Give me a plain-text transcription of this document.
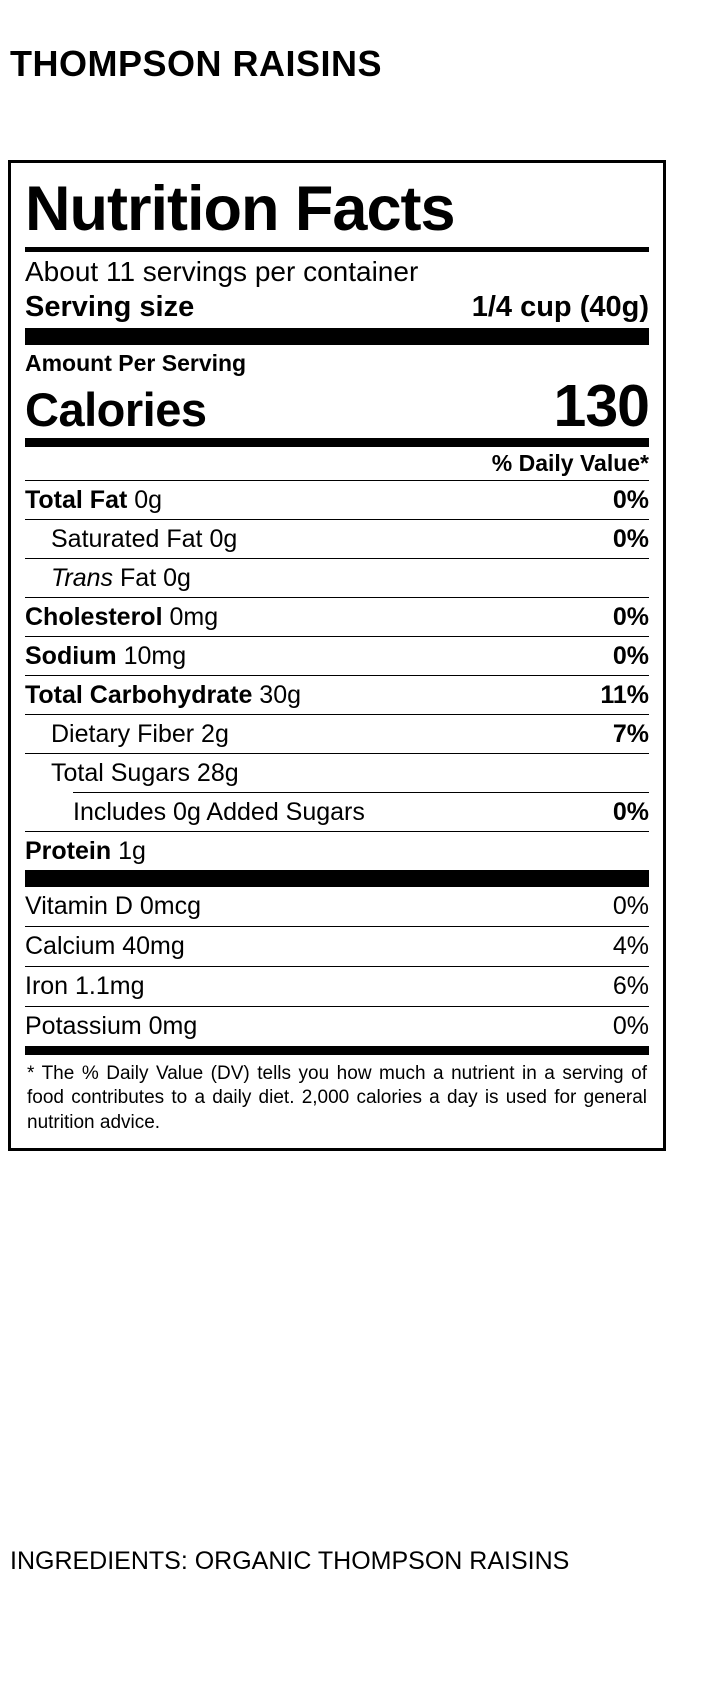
THOMPSON RAISINS
Nutrition Facts
About 11 servings per container
Serving size	1/4 cup (40g)
Amount Per Serving
Calories	130
% Daily Value*
Total Fat 0g	0%
Saturated Fat 0g	0%
Trans Fat 0g
Cholesterol 0mg	0%
Sodium 10mg	0%
Total Carbohydrate 30g	11%
Dietary Fiber 2g	7%
Total Sugars 28g
Includes 0g Added Sugars	0%
Protein 1g
Vitamin D 0mcg	0%
Calcium 40mg	4%
Iron 1.1mg	6%
Potassium 0mg	0%

* The % Daily Value (DV) tells you how much a nutrient in a serving of food contributes to a daily diet. 2,000 calories a day is used for general nutrition advice.

INGREDIENTS: ORGANIC THOMPSON RAISINS
